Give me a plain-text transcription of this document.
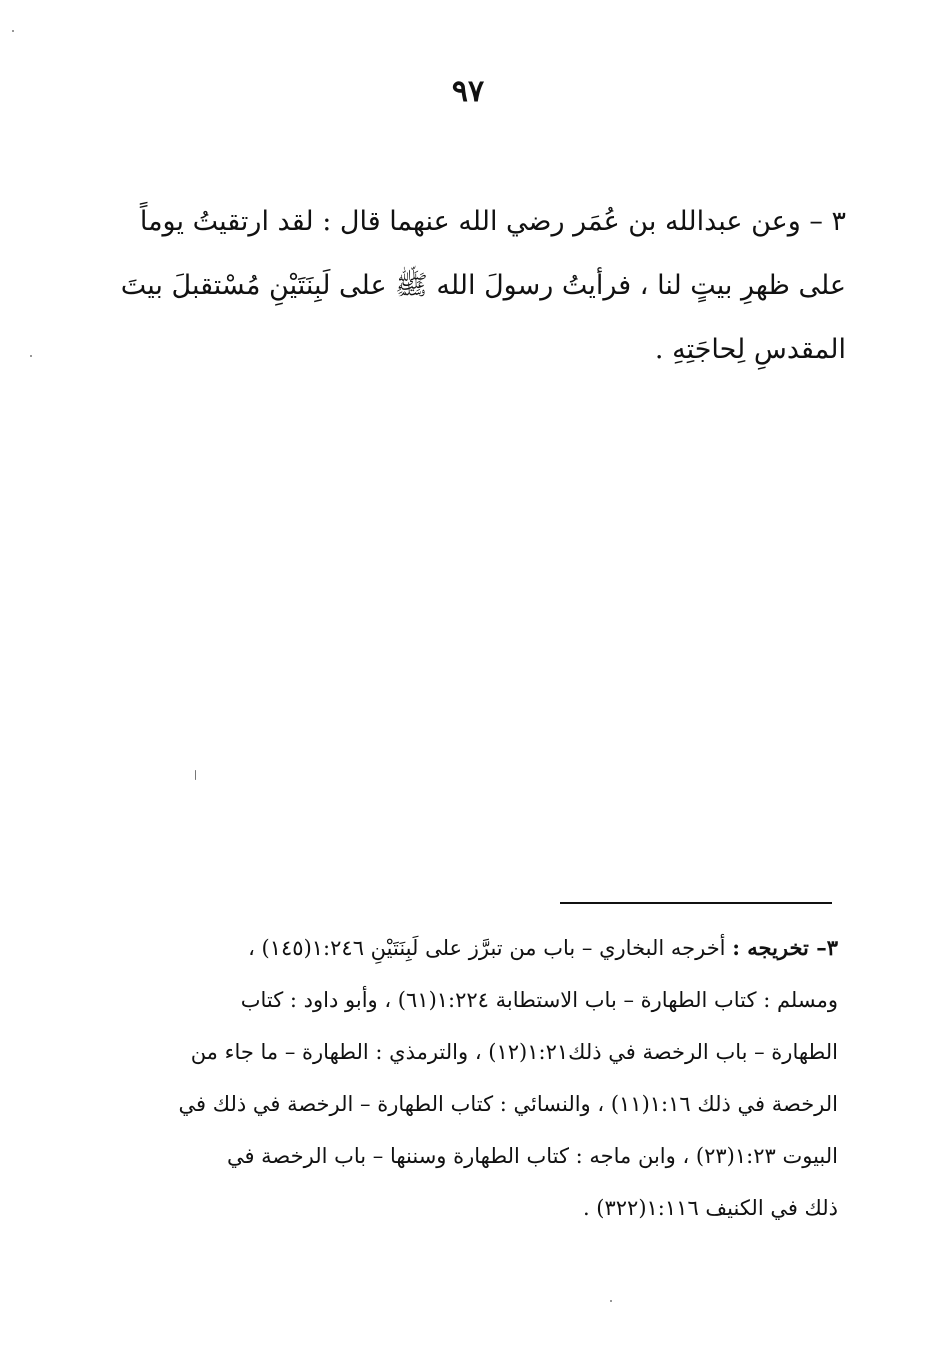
٩٧
٣ – وعن عبدالله بن عُمَر رضي الله عنهما قال : لقد ارتقيتُ يوماً
على ظهرِ بيتٍ لنا ، فرأيتُ رسولَ الله ﷺ على لَبِنَتَيْنِ مُسْتقبلَ بيتَ
المقدسِ لِحاجَتِهِ .
٣– تخريجه : أخرجه البخاري – باب من تبرَّز على لَبِنَتَيْنِ ١:٢٤٦(١٤٥) ،
ومسلم : كتاب الطهارة – باب الاستطابة ١:٢٢٤(٦١) ، وأبو داود : كتاب
الطهارة – باب الرخصة في ذلك١:٢١(١٢) ، والترمذي : الطهارة – ما جاء من
الرخصة في ذلك ١:١٦(١١) ، والنسائي : كتاب الطهارة – الرخصة في ذلك في
البيوت ١:٢٣(٢٣) ، وابن ماجه : كتاب الطهارة وسننها – باب الرخصة في
ذلك في الكنيف ١:١١٦(٣٢٢) .
